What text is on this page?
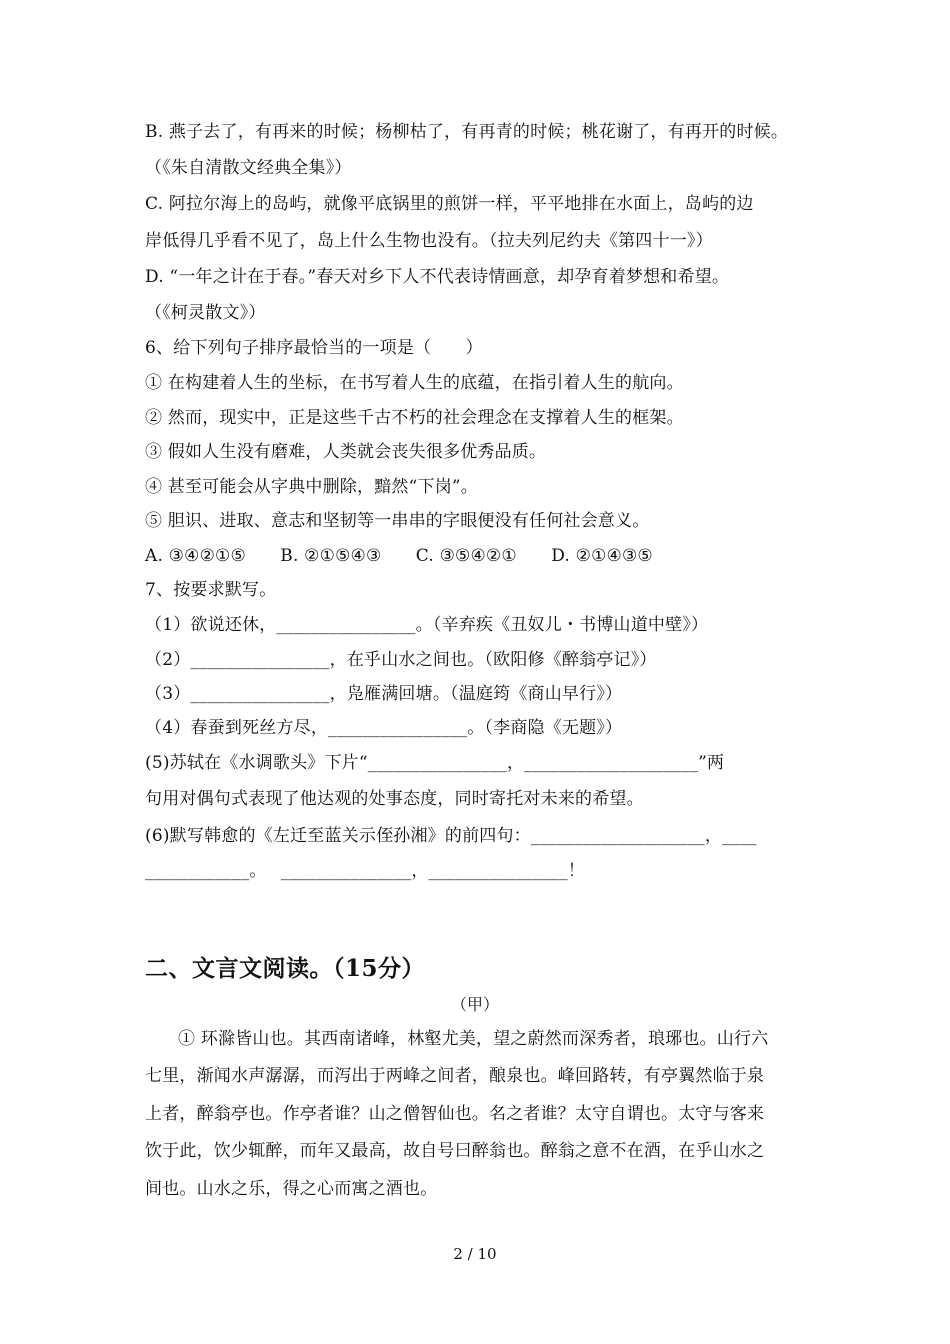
B. 燕子去了，有再来的时候；杨柳枯了，有再青的时候；桃花谢了，有再开的时候。
（《朱自清散文经典全集》）
C. 阿拉尔海上的岛屿，就像平底锅里的煎饼一样，平平地排在水面上，岛屿的边
岸低得几乎看不见了，岛上什么生物也没有。（拉夫列尼约夫《第四十一》）
D. “一年之计在于春。”春天对乡下人不代表诗情画意，却孕育着梦想和希望。
（《柯灵散文》）
6、给下列句子排序最恰当的一项是（　　）
① 在构建着人生的坐标，在书写着人生的底蕴，在指引着人生的航向。
② 然而，现实中，正是这些千古不朽的社会理念在支撑着人生的框架。
③ 假如人生没有磨难，人类就会丧失很多优秀品质。
④ 甚至可能会从字典中删除，黯然“下岗”。
⑤ 胆识、进取、意志和坚韧等一串串的字眼便没有任何社会意义。
A. ③④②①⑤　　B. ②①⑤④③　　C. ③⑤④②①　　D. ②①④③⑤
7、按要求默写。
（1）欲说还休，________________。（辛弃疾《丑奴儿・书博山道中壁》）
（2）________________，在乎山水之间也。（欧阳修《醉翁亭记》）
（3）________________，凫雁满回塘。（温庭筠《商山早行》）
（4）春蚕到死丝方尽，________________。（李商隐《无题》）
(5)苏轼在《水调歌头》下片“________________，____________________”两
句用对偶句式表现了他达观的处事态度，同时寄托对未来的希望。
(6)默写韩愈的《左迁至蓝关示侄孙湘》的前四句：____________________，____
____________。　 _______________，________________！
二、文言文阅读。（15分）
（甲）
① 环滁皆山也。其西南诸峰，林壑尤美，望之蔚然而深秀者，琅琊也。山行六
七里，渐闻水声潺潺，而泻出于两峰之间者，酿泉也。峰回路转，有亭翼然临于泉
上者，醉翁亭也。作亭者谁？山之僧智仙也。名之者谁？太守自谓也。太守与客来
饮于此，饮少辄醉，而年又最高，故自号曰醉翁也。醉翁之意不在酒，在乎山水之
间也。山水之乐，得之心而寓之酒也。
2 / 10
